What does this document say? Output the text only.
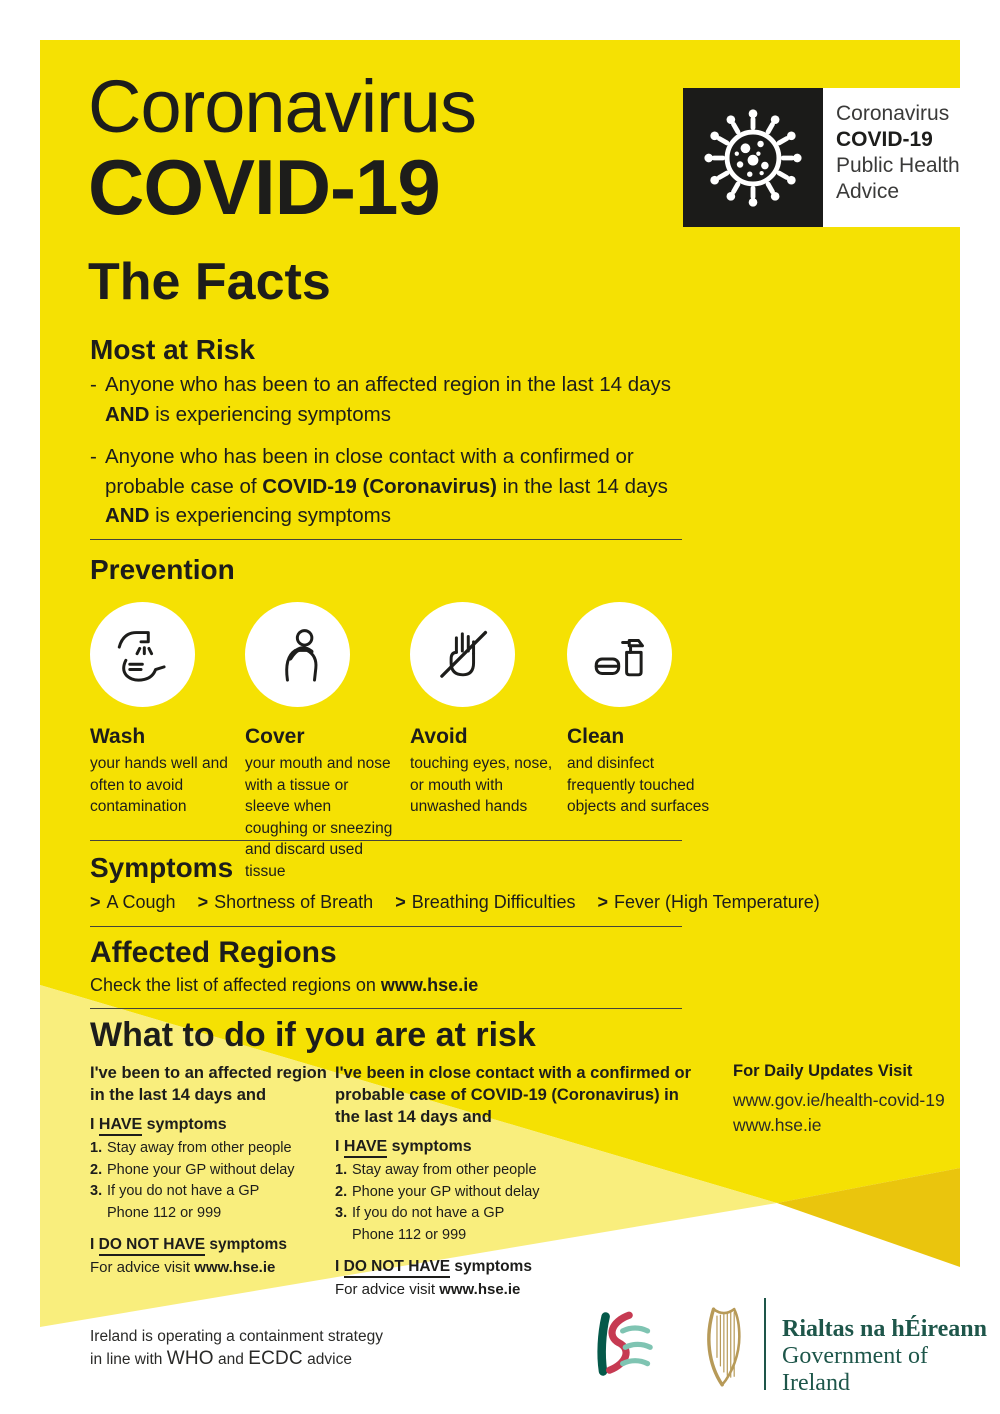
Coronavirus
COVID-19
The Facts
Coronavirus
COVID-19
Public Health
Advice
Most at Risk
- Anyone who has been to an affected region in the last 14 days AND is experiencing symptoms
- Anyone who has been in close contact with a confirmed or probable case of COVID-19 (Coronavirus) in the last 14 days AND is experiencing symptoms
Prevention
Wash
your hands well and often to avoid contamination
Cover
your mouth and nose with a tissue or sleeve when coughing or sneezing and discard used tissue
Avoid
touching eyes, nose, or mouth with unwashed hands
Clean
and disinfect frequently touched objects and surfaces
Symptoms
> A Cough > Shortness of Breath > Breathing Difficulties > Fever (High Temperature)
Affected Regions
Check the list of affected regions on www.hse.ie
What to do if you are at risk
I've been to an affected region in the last 14 days and
I HAVE symptoms
1. Stay away from other people
2. Phone your GP without delay
3. If you do not have a GP
Phone 112 or 999
I DO NOT HAVE symptoms
For advice visit www.hse.ie
I've been in close contact with a confirmed or probable case of COVID-19 (Coronavirus) in the last 14 days and
I HAVE symptoms
1. Stay away from other people
2. Phone your GP without delay
3. If you do not have a GP
Phone 112 or 999
I DO NOT HAVE symptoms
For advice visit www.hse.ie
For Daily Updates Visit
www.gov.ie/health-covid-19
www.hse.ie
Ireland is operating a containment strategy
in line with WHO and ECDC advice
Rialtas na hÉireann
Government of Ireland
